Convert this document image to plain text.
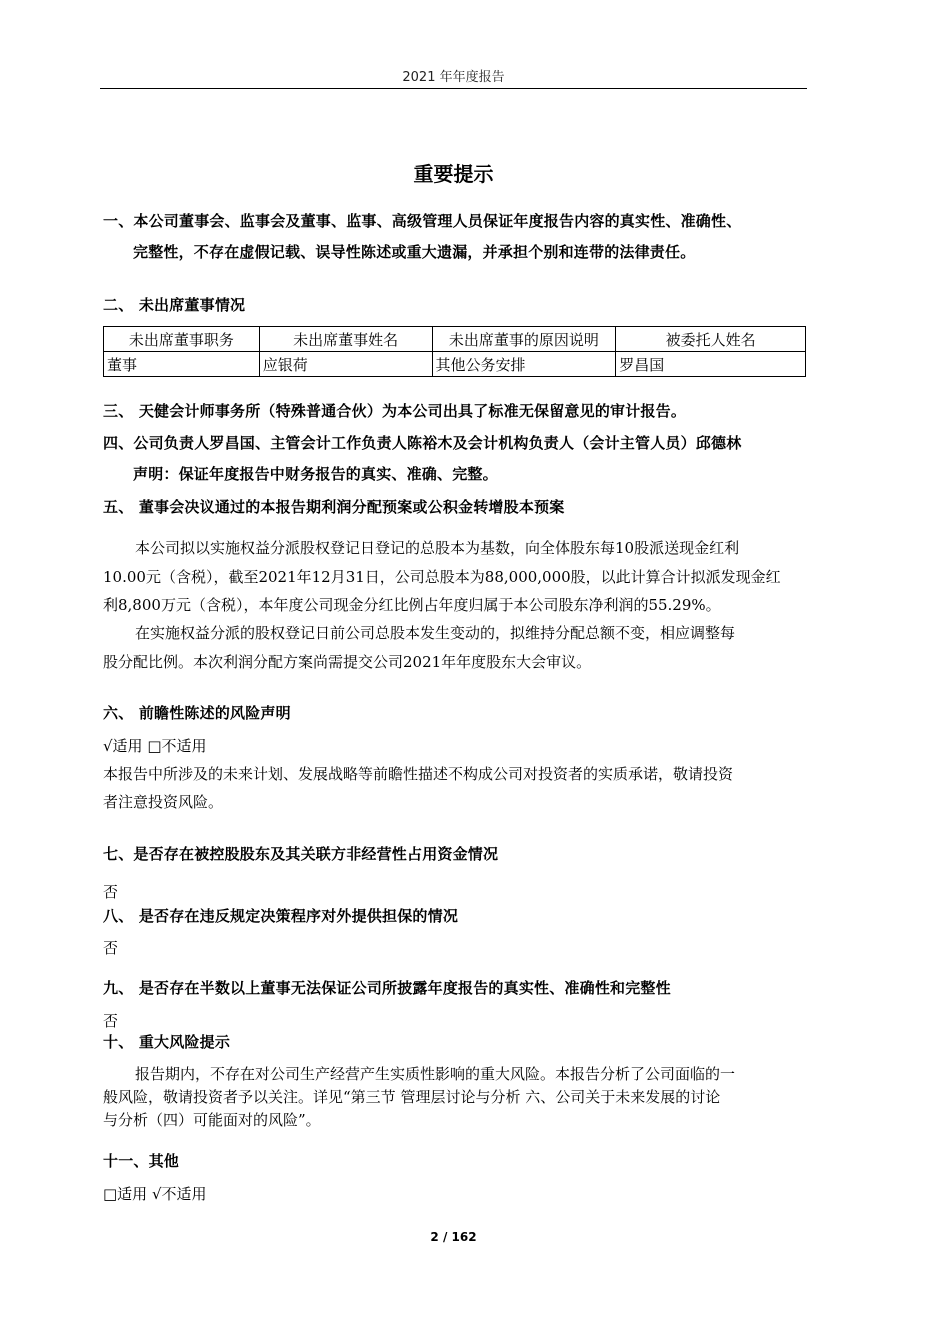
2021 年年度报告
重要提示
一、本公司董事会、监事会及董事、监事、高级管理人员保证年度报告内容的真实性、准确性、
完整性，不存在虚假记载、误导性陈述或重大遗漏，并承担个别和连带的法律责任。
二、 未出席董事情况
未出席董事职务	未出席董事姓名	未出席董事的原因说明	被委托人姓名
董事	应银荷	其他公务安排	罗昌国
三、 天健会计师事务所（特殊普通合伙）为本公司出具了标准无保留意见的审计报告。
四、公司负责人罗昌国、主管会计工作负责人陈裕木及会计机构负责人（会计主管人员）邱德林
声明：保证年度报告中财务报告的真实、准确、完整。
五、 董事会决议通过的本报告期利润分配预案或公积金转增股本预案
本公司拟以实施权益分派股权登记日登记的总股本为基数，向全体股东每10股派送现金红利
10.00元（含税），截至2021年12月31日，公司总股本为88,000,000股，以此计算合计拟派发现金红
利8,800万元（含税），本年度公司现金分红比例占年度归属于本公司股东净利润的55.29%。
在实施权益分派的股权登记日前公司总股本发生变动的，拟维持分配总额不变，相应调整每
股分配比例。本次利润分配方案尚需提交公司2021年年度股东大会审议。
六、 前瞻性陈述的风险声明
√适用 □不适用
本报告中所涉及的未来计划、发展战略等前瞻性描述不构成公司对投资者的实质承诺，敬请投资
者注意投资风险。
七、是否存在被控股股东及其关联方非经营性占用资金情况
否
八、 是否存在违反规定决策程序对外提供担保的情况
否
九、 是否存在半数以上董事无法保证公司所披露年度报告的真实性、准确性和完整性
否
十、 重大风险提示
报告期内，不存在对公司生产经营产生实质性影响的重大风险。本报告分析了公司面临的一
般风险，敬请投资者予以关注。详见“第三节 管理层讨论与分析 六、公司关于未来发展的讨论
与分析（四）可能面对的风险”。
十一、其他
□适用 √不适用
2 / 162
